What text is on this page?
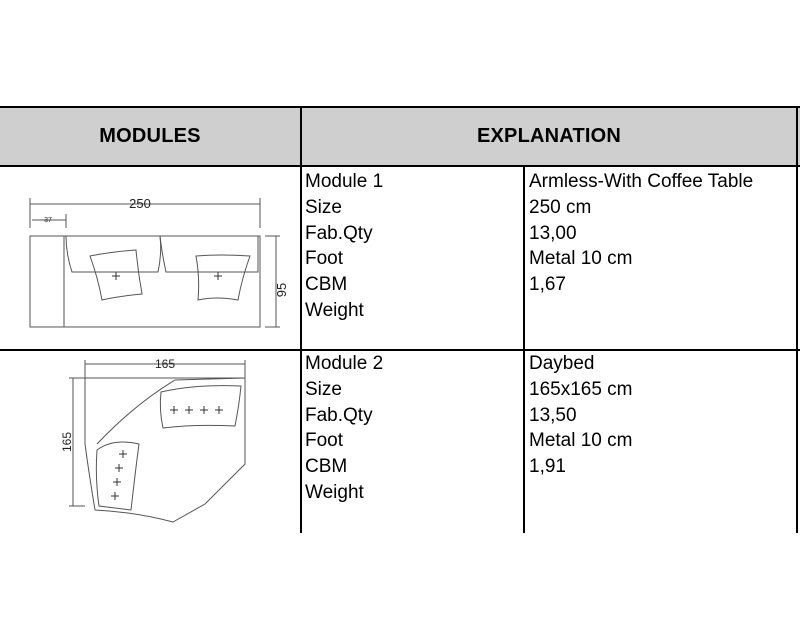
MODULES	EXPLANATION
250
37
95
Module 1
Size
Fab.Qty
Foot
CBM
Weight
Armless-With Coffee Table
250 cm
13,00
Metal 10 cm
1,67
165
165
Module 2
Size
Fab.Qty
Foot
CBM
Weight
Daybed
165x165 cm
13,50
Metal 10 cm
1,91
